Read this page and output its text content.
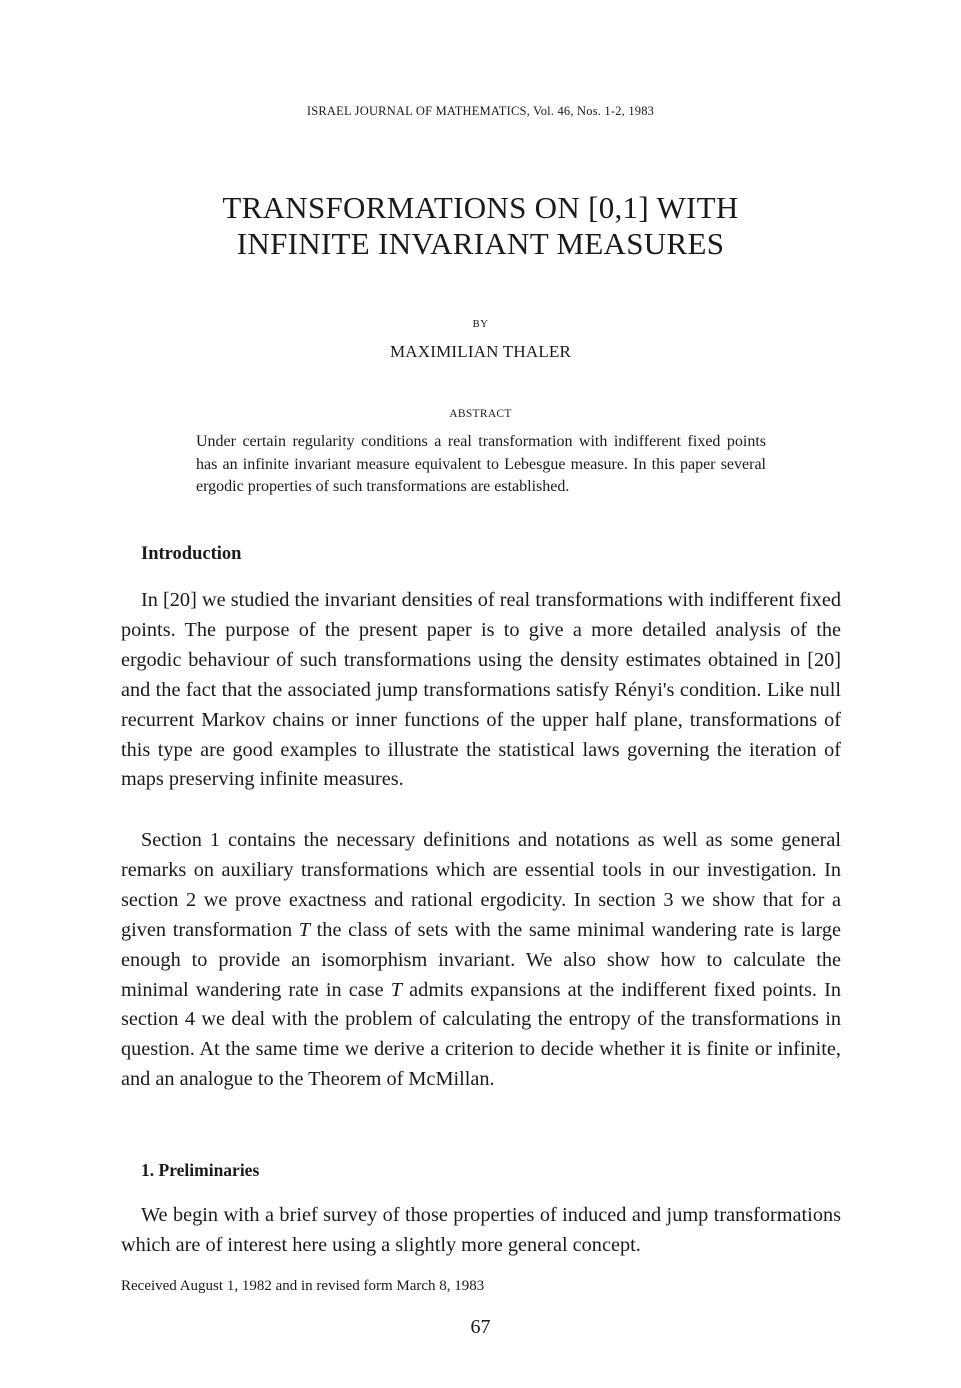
ISRAEL JOURNAL OF MATHEMATICS, Vol. 46, Nos. 1-2, 1983
TRANSFORMATIONS ON [0,1] WITH
INFINITE INVARIANT MEASURES
BY
MAXIMILIAN THALER
ABSTRACT
Under certain regularity conditions a real transformation with indifferent fixed points has an infinite invariant measure equivalent to Lebesgue measure. In this paper several ergodic properties of such transformations are established.
Introduction
In [20] we studied the invariant densities of real transformations with indifferent fixed points. The purpose of the present paper is to give a more detailed analysis of the ergodic behaviour of such transformations using the density estimates obtained in [20] and the fact that the associated jump transformations satisfy Rényi's condition. Like null recurrent Markov chains or inner functions of the upper half plane, transformations of this type are good examples to illustrate the statistical laws governing the iteration of maps preserving infinite measures.
Section 1 contains the necessary definitions and notations as well as some general remarks on auxiliary transformations which are essential tools in our investigation. In section 2 we prove exactness and rational ergodicity. In section 3 we show that for a given transformation T the class of sets with the same minimal wandering rate is large enough to provide an isomorphism invariant. We also show how to calculate the minimal wandering rate in case T admits expansions at the indifferent fixed points. In section 4 we deal with the problem of calculating the entropy of the transformations in question. At the same time we derive a criterion to decide whether it is finite or infinite, and an analogue to the Theorem of McMillan.
1. Preliminaries
We begin with a brief survey of those properties of induced and jump transformations which are of interest here using a slightly more general concept.
Received August 1, 1982 and in revised form March 8, 1983
67
